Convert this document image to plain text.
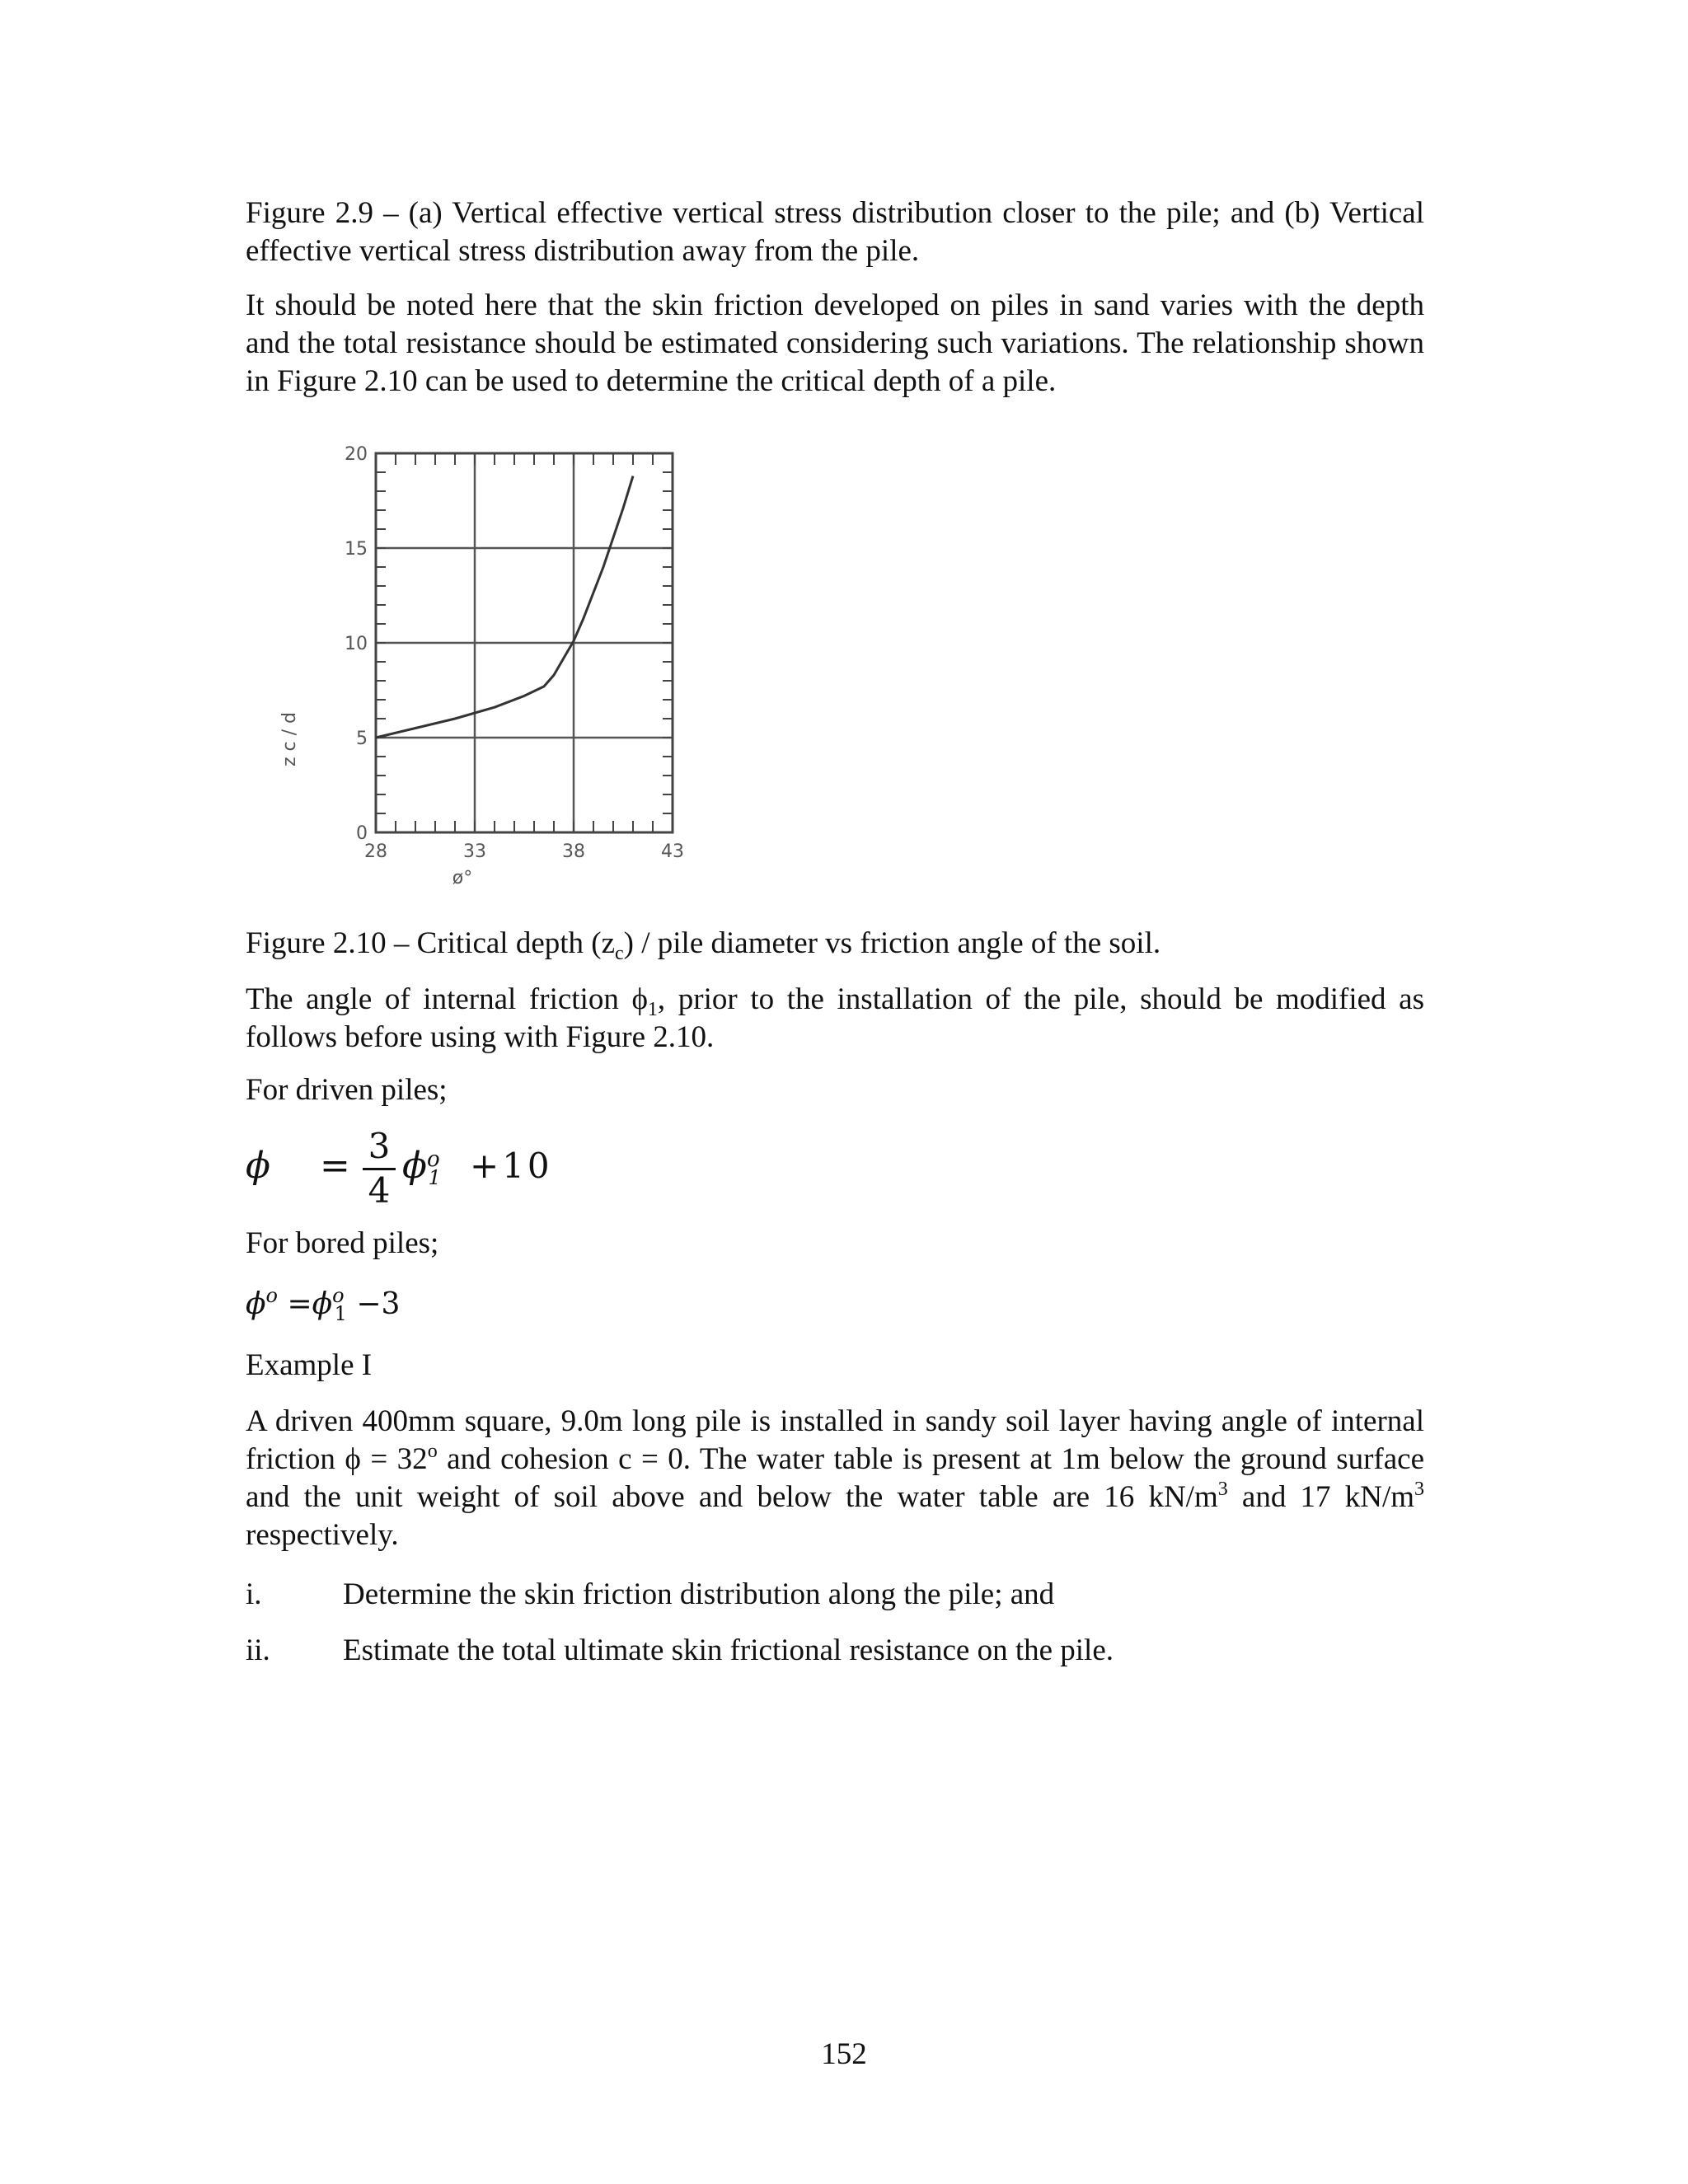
Figure 2.9 – (a) Vertical effective vertical stress distribution closer to the pile; and (b) Vertical effective vertical stress distribution away from the pile.

It should be noted here that the skin friction developed on piles in sand varies with the depth and the total resistance should be estimated considering such variations. The relationship shown in Figure 2.10 can be used to determine the critical depth of a pile.

28	33	38	43
0
5
10
15
20
ø°
z c / d

Figure 2.10 – Critical depth $(z_c)$ / pile diameter vs friction angle of the soil.

The angle of internal friction $\phi_1$, prior to the installation of the pile, should be modified as follows before using with Figure 2.10.

For driven piles;

ϕ = 3
4
$\phi^o_1 +10$

For bored piles;

$\phi^o =\phi^o_1 -3$

Example I

A driven 400mm square, 9.0m long pile is installed in sandy soil layer having angle of internal friction $\phi = 32^o$ and cohesion c = 0. The water table is present at 1m below the ground surface and the unit weight of soil above and below the water table are 16 $kN/m^3$ and 17 $kN/m^3$ respectively.

i.	Determine the skin friction distribution along the pile; and

ii. Estimate the total ultimate skin frictional resistance on the pile.

152
